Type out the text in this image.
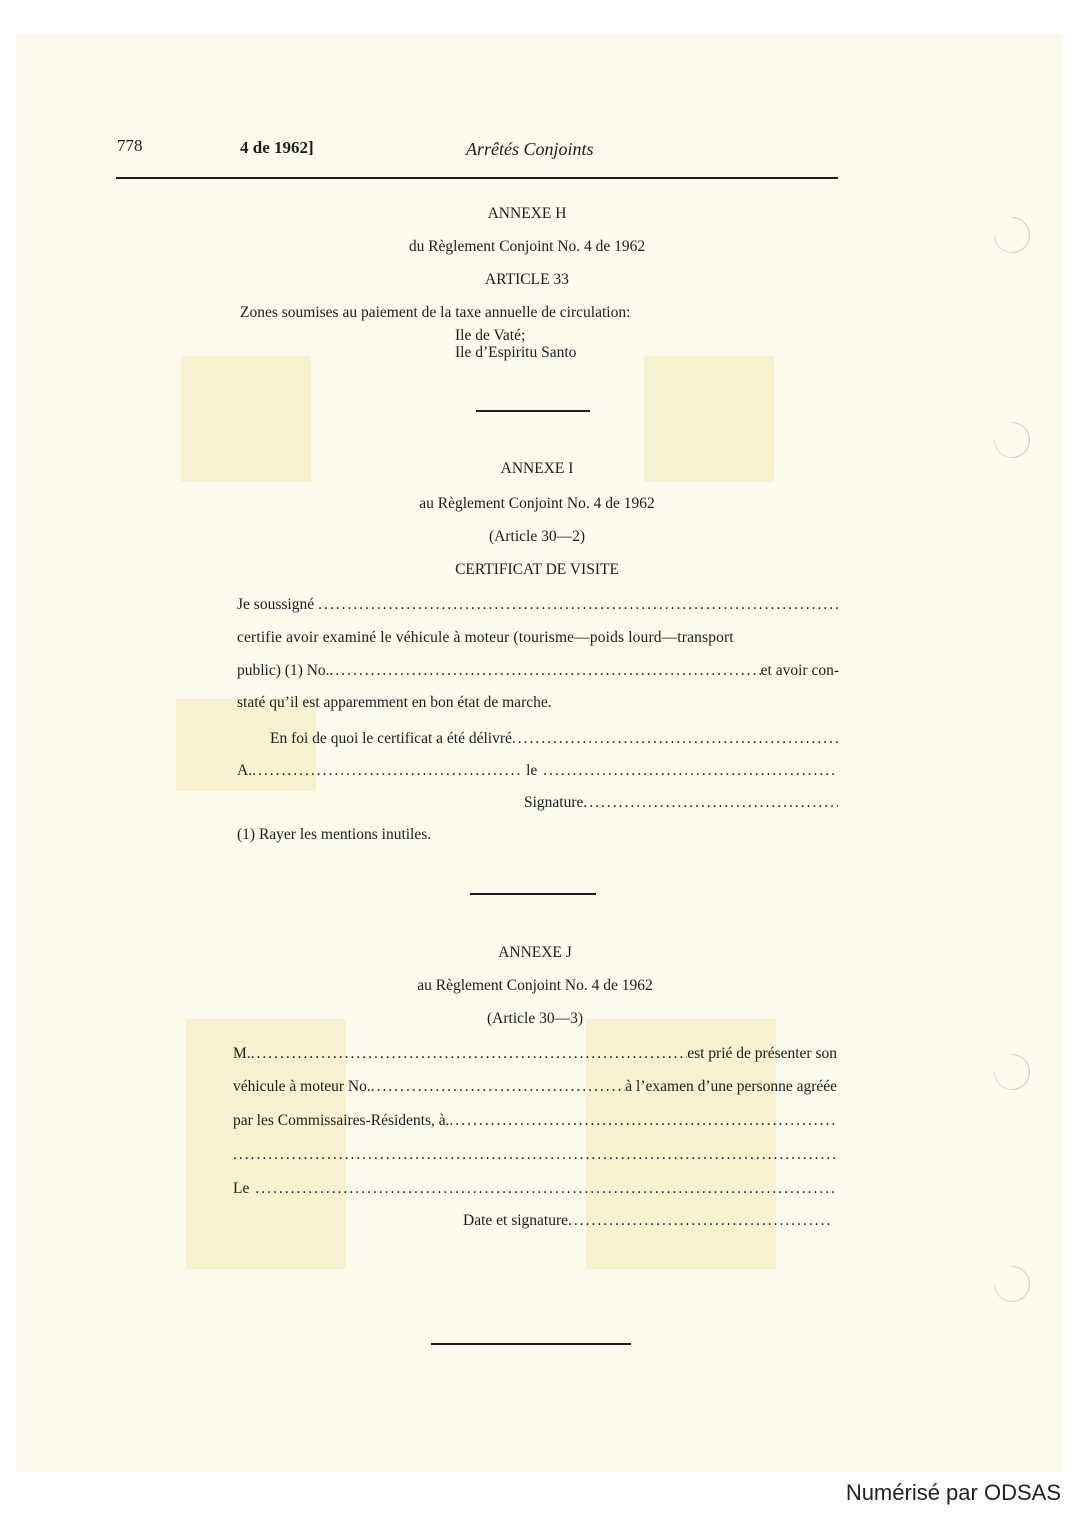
778	4 de 1962]	Arrêtés Conjoints
ANNEXE H
du Règlement Conjoint No. 4 de 1962
ARTICLE 33
Zones soumises au paiement de la taxe annuelle de circulation:
Ile de Vaté;
Ile d’Espiritu Santo
ANNEXE I
au Règlement Conjoint No. 4 de 1962
(Article 30—2)
CERTIFICAT DE VISITE
Je soussigné
.....
certifie avoir examiné le véhicule à moteur (tourisme—poids lourd—transport
public) (1) No. .....	et avoir con-
staté qu’il est apparemment en bon état de marche.
En foi de quoi le certificat a été délivré
.....
A. .....	le
.....
Signature
.....
(1) Rayer les mentions inutiles.
ANNEXE J
au Règlement Conjoint No. 4 de 1962
(Article 30—3)
M. .....	est prié de présenter son
véhicule à moteur No. .....	à l’examen d’une personne agréée
par les Commissaires-Résidents, à.
.....
.....
Le
.....
Date et signature
.....
Numérisé par ODSAS
